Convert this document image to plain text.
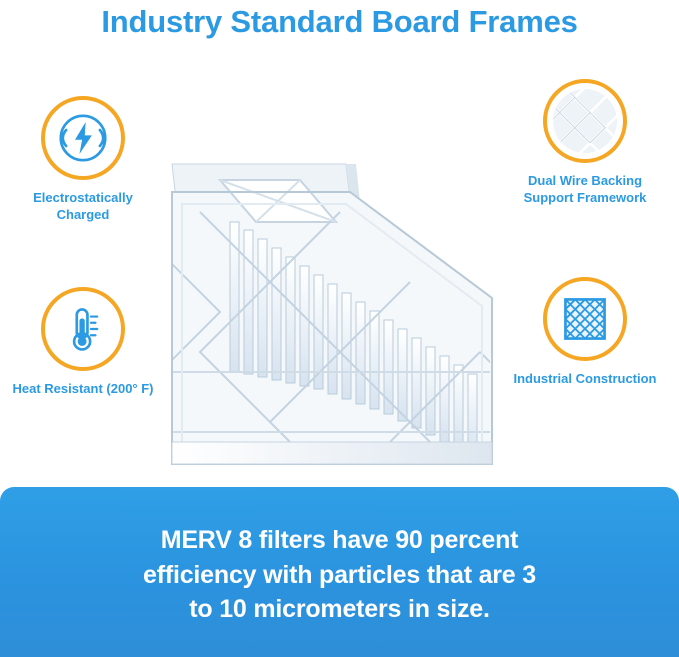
Industry Standard Board Frames
Electrostatically Charged
Heat Resistant (200° F)
Dual Wire Backing Support Framework
Industrial Construction
MERV 8 filters have 90 percent
efficiency with particles that are 3
to 10 micrometers in size.
